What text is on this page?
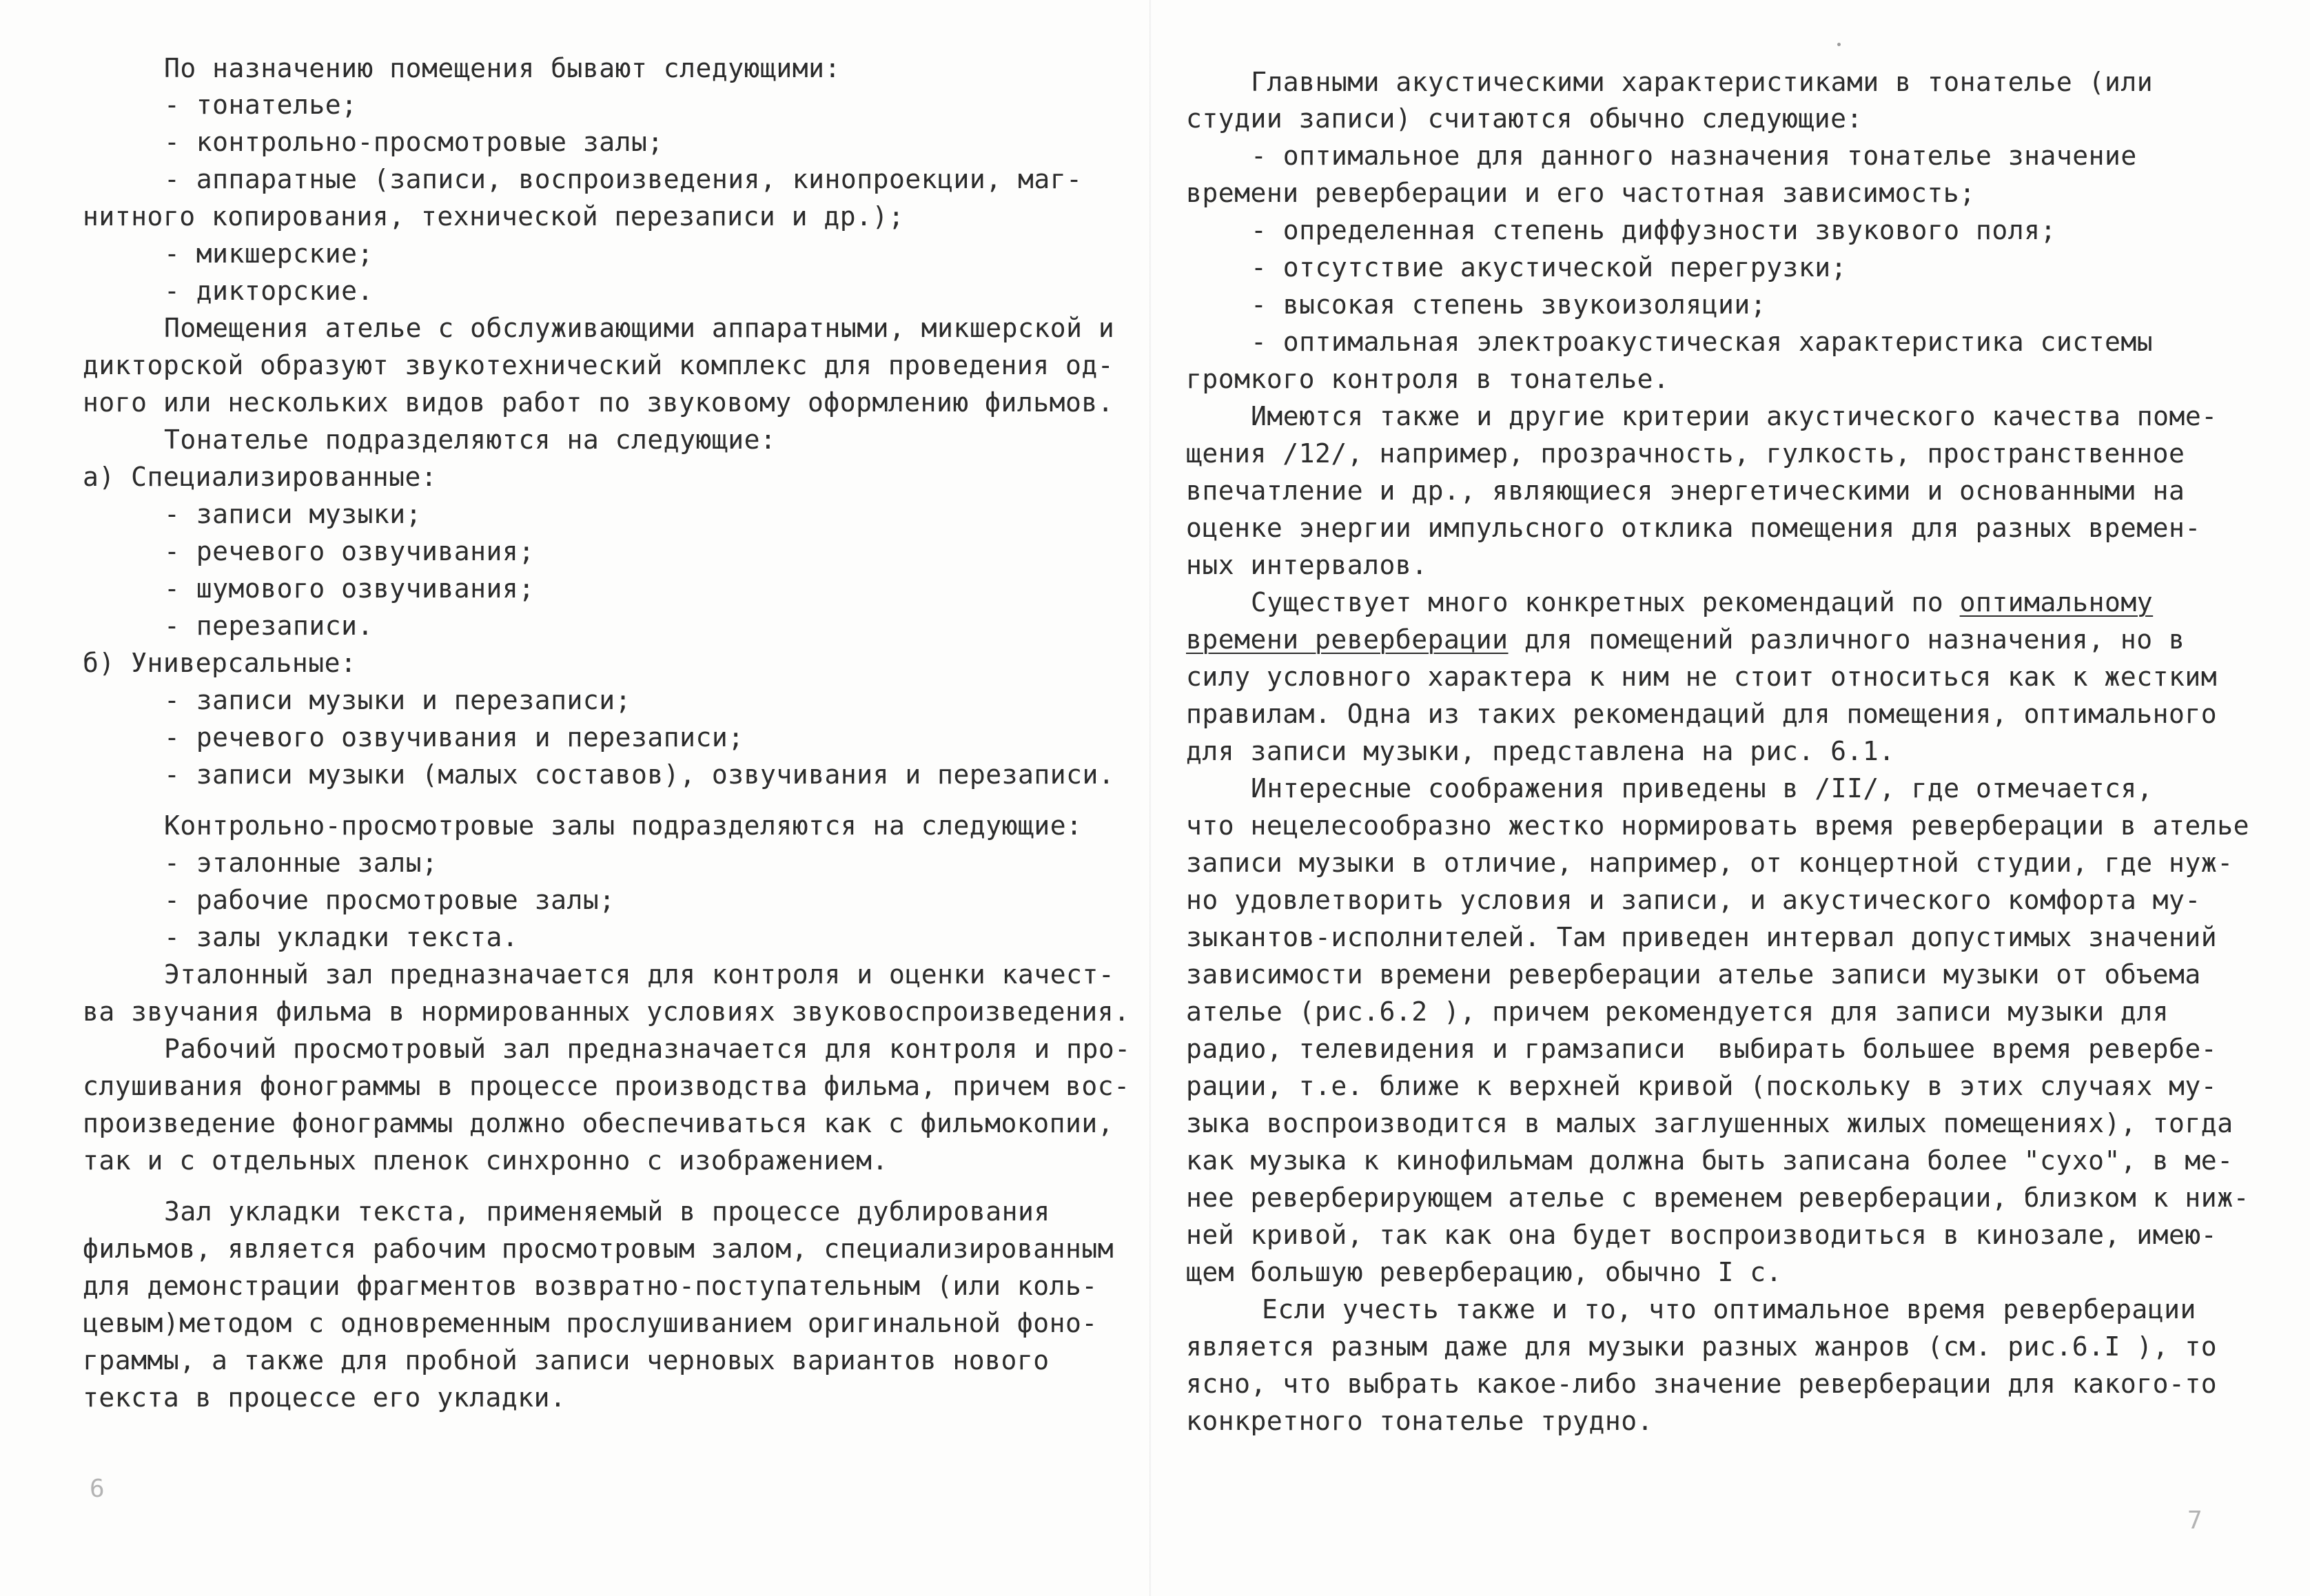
По назначению помещения бывают следующими:
- тонателье;
- контрольно-просмотровые залы;
- аппаратные (записи, воспроизведения, кинопроекции, маг-
нитного копирования, технической перезаписи и др.);
- микшерские;
- дикторские.
Помещения ателье с обслуживающими аппаратными, микшерской и
дикторской образуют звукотехнический комплекс для проведения од-
ного или нескольких видов работ по звуковому оформлению фильмов.
Тонателье подразделяются на следующие:
а) Специализированные:
- записи музыки;
- речевого озвучивания;
- шумового озвучивания;
- перезаписи.
б) Универсальные:
- записи музыки и перезаписи;
- речевого озвучивания и перезаписи;
- записи музыки (малых составов), озвучивания и перезаписи.
Контрольно-просмотровые залы подразделяются на следующие:
- эталонные залы;
- рабочие просмотровые залы;
- залы укладки текста.
Эталонный зал предназначается для контроля и оценки качест-
ва звучания фильма в нормированных условиях звуковоспроизведения.
Рабочий просмотровый зал предназначается для контроля и про-
слушивания фонограммы в процессе производства фильма, причем вос-
произведение фонограммы должно обеспечиваться как с фильмокопии,
так и с отдельных пленок синхронно с изображением.
Зал укладки текста, применяемый в процессе дублирования
фильмов, является рабочим просмотровым залом, специализированным
для демонстрации фрагментов возвратно-поступательным (или коль-
цевым)методом с одновременным прослушиванием оригинальной фоно-
граммы, а также для пробной записи черновых вариантов нового
текста в процессе его укладки.
6
Главными акустическими характеристиками в тонателье (или
студии записи) считаются обычно следующие:
- оптимальное для данного назначения тонателье значение
времени реверберации и его частотная зависимость;
- определенная степень диффузности звукового поля;
- отсутствие акустической перегрузки;
- высокая степень звукоизоляции;
- оптимальная электроакустическая характеристика системы
громкого контроля в тонателье.
Имеются также и другие критерии акустического качества поме-
щения /12/, например, прозрачность, гулкость, пространственное
впечатление и др., являющиеся энергетическими и основанными на
оценке энергии импульсного отклика помещения для разных времен-
ных интервалов.
Существует много конкретных рекомендаций по оптимальному
времени реверберации для помещений различного назначения, но в
силу условного характера к ним не стоит относиться как к жестким
правилам. Одна из таких рекомендаций для помещения, оптимального
для записи музыки, представлена на рис. 6.1.
Интересные соображения приведены в /II/, где отмечается,
что нецелесообразно жестко нормировать время реверберации в ателье
записи музыки в отличие, например, от концертной студии, где нуж-
но удовлетворить условия и записи, и акустического комфорта му-
зыкантов-исполнителей. Там приведен интервал допустимых значений
зависимости времени реверберации ателье записи музыки от объема
ателье (рис.6.2 ), причем рекомендуется для записи музыки для
радио, телевидения и грамзаписи  выбирать большее время ревербе-
рации, т.е. ближе к верхней кривой (поскольку в этих случаях му-
зыка воспроизводится в малых заглушенных жилых помещениях), тогда
как музыка к кинофильмам должна быть записана более "сухо", в ме-
нее реверберирующем ателье с временем реверберации, близком к ниж-
ней кривой, так как она будет воспроизводиться в кинозале, имею-
щем большую реверберацию, обычно I с.
Если учесть также и то, что оптимальное время реверберации
является разным даже для музыки разных жанров (см. рис.6.I ), то
ясно, что выбрать какое-либо значение реверберации для какого-то
конкретного тонателье трудно.
7
